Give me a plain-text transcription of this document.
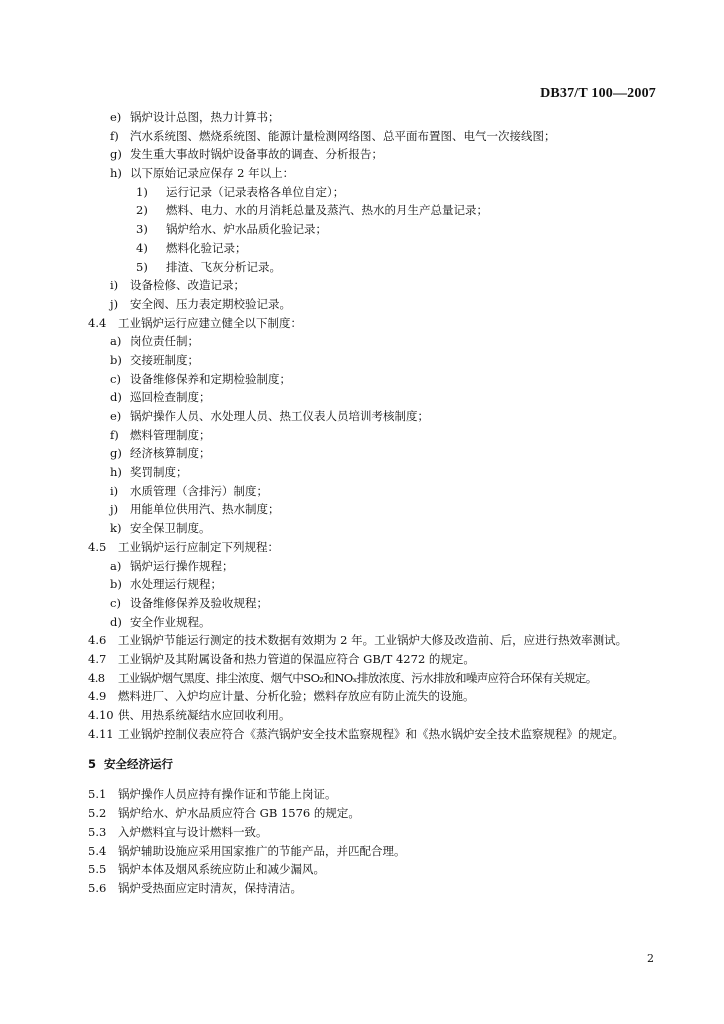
DB37/T 100—2007
e) 锅炉设计总图，热力计算书；
f) 汽水系统图、燃烧系统图、能源计量检测网络图、总平面布置图、电气一次接线图；
g) 发生重大事故时锅炉设备事故的调查、分析报告；
h) 以下原始记录应保存 2 年以上：
1) 运行记录（记录表格各单位自定）；
2) 燃料、电力、水的月消耗总量及蒸汽、热水的月生产总量记录；
3) 锅炉给水、炉水品质化验记录；
4) 燃料化验记录；
5) 排渣、飞灰分析记录。
i) 设备检修、改造记录；
j) 安全阀、压力表定期校验记录。
4.4 工业锅炉运行应建立健全以下制度：
a) 岗位责任制；
b) 交接班制度；
c) 设备维修保养和定期检验制度；
d) 巡回检查制度；
e) 锅炉操作人员、水处理人员、热工仪表人员培训考核制度；
f) 燃料管理制度；
g) 经济核算制度；
h) 奖罚制度；
i) 水质管理（含排污）制度；
j) 用能单位供用汽、热水制度；
k) 安全保卫制度。
4.5 工业锅炉运行应制定下列规程：
a) 锅炉运行操作规程；
b) 水处理运行规程；
c) 设备维修保养及验收规程；
d) 安全作业规程。
4.6 工业锅炉节能运行测定的技术数据有效期为 2 年。工业锅炉大修及改造前、后，应进行热效率测试。
4.7 工业锅炉及其附属设备和热力管道的保温应符合 GB/T 4272 的规定。
4.8 工业锅炉烟气黑度、排尘浓度、烟气中SO₂和NOₓ排放浓度、污水排放和噪声应符合环保有关规定。
4.9 燃料进厂、入炉均应计量、分析化验；燃料存放应有防止流失的设施。
4.10 供、用热系统凝结水应回收利用。
4.11 工业锅炉控制仪表应符合《蒸汽锅炉安全技术监察规程》和《热水锅炉安全技术监察规程》的规定。
5 安全经济运行
5.1 锅炉操作人员应持有操作证和节能上岗证。
5.2 锅炉给水、炉水品质应符合 GB 1576 的规定。
5.3 入炉燃料宜与设计燃料一致。
5.4 锅炉辅助设施应采用国家推广的节能产品，并匹配合理。
5.5 锅炉本体及烟风系统应防止和减少漏风。
5.6 锅炉受热面应定时清灰，保持清洁。
2
